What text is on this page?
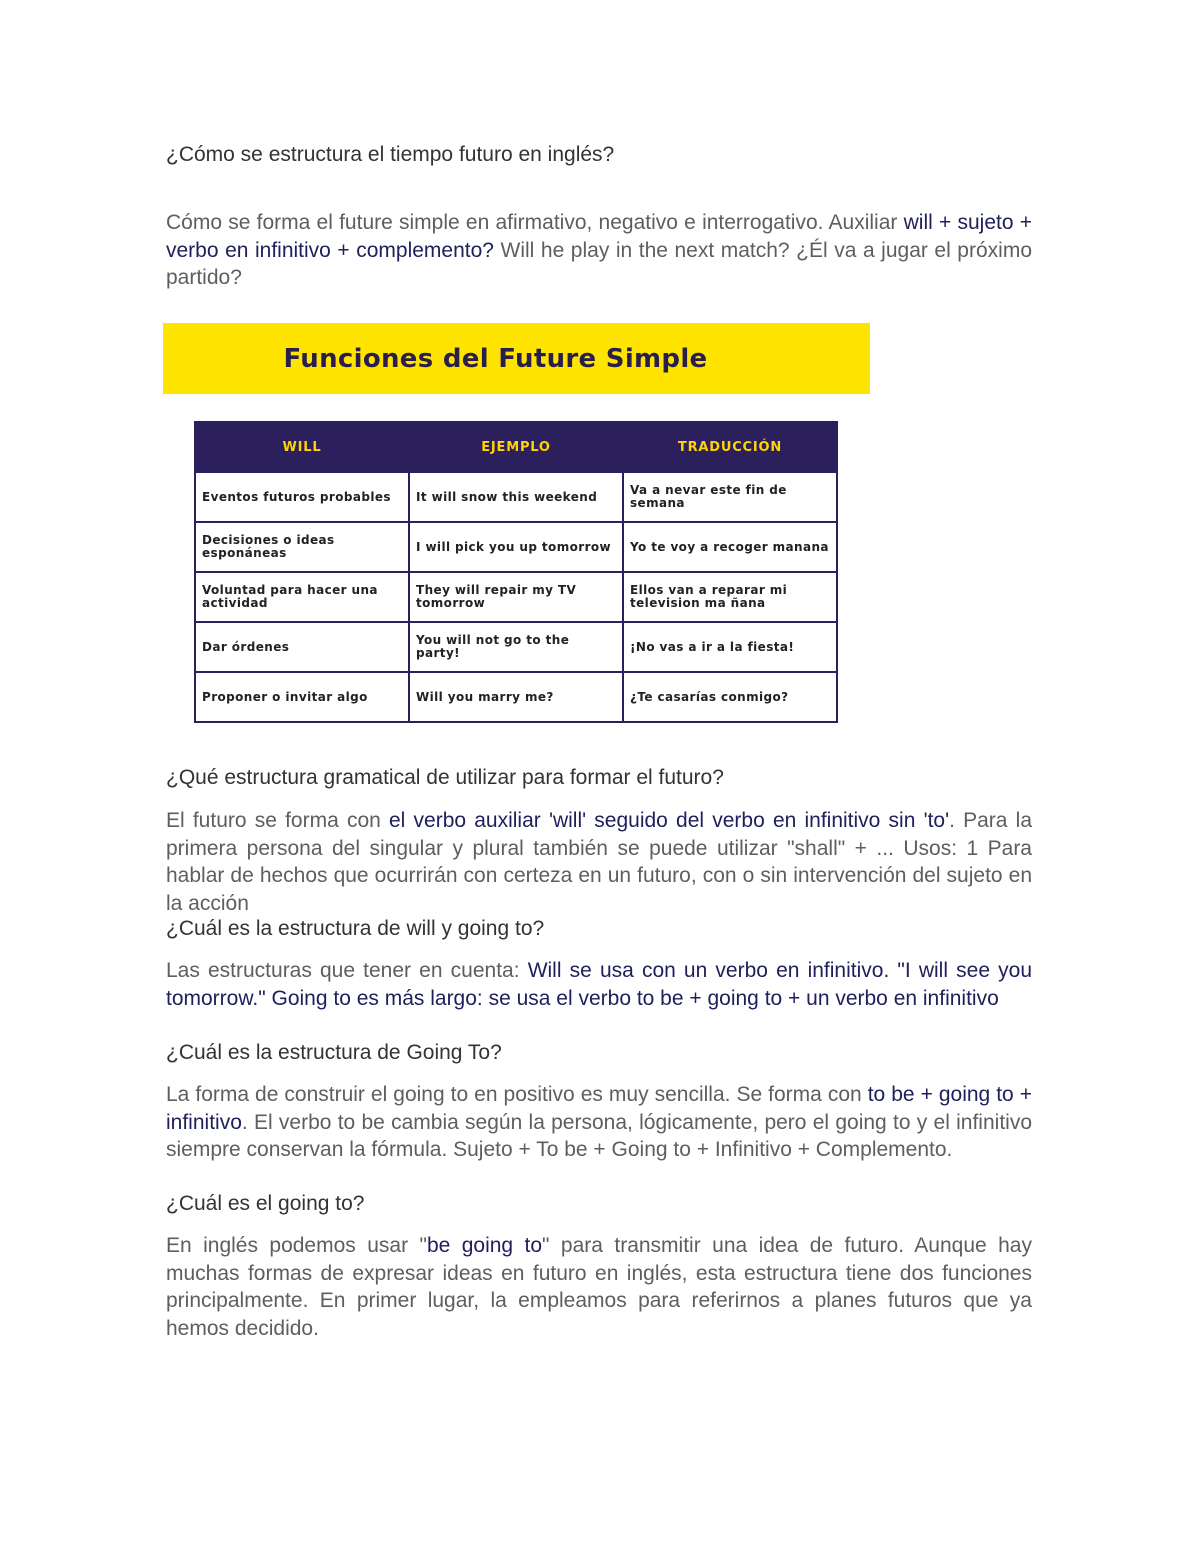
¿Cómo se estructura el tiempo futuro en inglés?

Cómo se forma el future simple en afirmativo, negativo e interrogativo. Auxiliar will + sujeto + verbo en infinitivo + complemento? Will he play in the next match? ¿Él va a jugar el próximo partido?

¿Qué estructura gramatical de utilizar para formar el futuro?

El futuro se forma con el verbo auxiliar 'will' seguido del verbo en infinitivo sin 'to'. Para la primera persona del singular y plural también se puede utilizar "shall" + ... Usos: 1 Para hablar de hechos que ocurrirán con certeza en un futuro, con o sin intervención del sujeto en la acción

¿Cuál es la estructura de will y going to?

Las estructuras que tener en cuenta: Will se usa con un verbo en infinitivo. "I will see you tomorrow." Going to es más largo: se usa el verbo to be + going to + un verbo en infinitivo

¿Cuál es la estructura de Going To?

La forma de construir el going to en positivo es muy sencilla. Se forma con to be + going to + infinitivo. El verbo to be cambia según la persona, lógicamente, pero el going to y el infinitivo siempre conservan la fórmula. Sujeto + To be + Going to + Infinitivo + Complemento.

¿Cuál es el going to?

En inglés podemos usar "be going to" para transmitir una idea de futuro. Aunque hay muchas formas de expresar ideas en futuro en inglés, esta estructura tiene dos funciones principalmente. En primer lugar, la empleamos para referirnos a planes futuros que ya hemos decidido.

Funciones del Future Simple
WILL	EJEMPLO	TRADUCCIÓN
Eventos futuros probables	It will snow this weekend	Va a nevar este fin de semana
Decisiones o ideas esponáneas	I will pick you up tomorrow	Yo te voy a recoger manana
Voluntad para hacer una actividad	They will repair my TV tomorrow	Ellos van a reparar mi television ma ñana
Dar órdenes	You will not go to the party!	¡No vas a ir a la fiesta!
Proponer o invitar algo	Will you marry me?	¿Te casarías conmigo?
